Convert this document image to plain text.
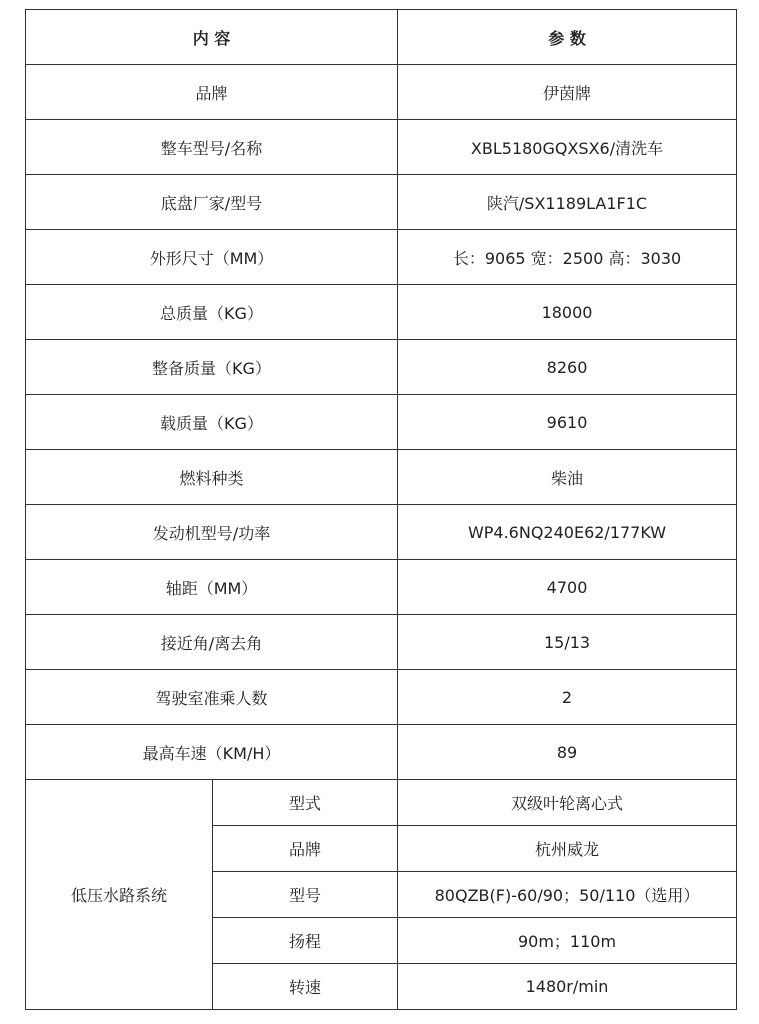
内 容		参 数
品牌		伊茵牌
整车型号/名称		XBL5180GQXSX6/清洗车
底盘厂家/型号		陕汽/SX1189LA1F1C
外形尺寸（MM）		长：9065 宽：2500 高：3030
总质量（KG）		18000
整备质量（KG）		8260
载质量（KG）		9610
燃料种类		柴油
发动机型号/功率		WP4.6NQ240E62/177KW
轴距（MM）		4700
接近角/离去角		15/13
驾驶室准乘人数		2
最高车速（KM/H）		89
低压水路系统	型式	双级叶轮离心式
	品牌	杭州威龙
	型号	80QZB(F)-60/90；50/110（选用）
	扬程	90m；110m
	转速	1480r/min
